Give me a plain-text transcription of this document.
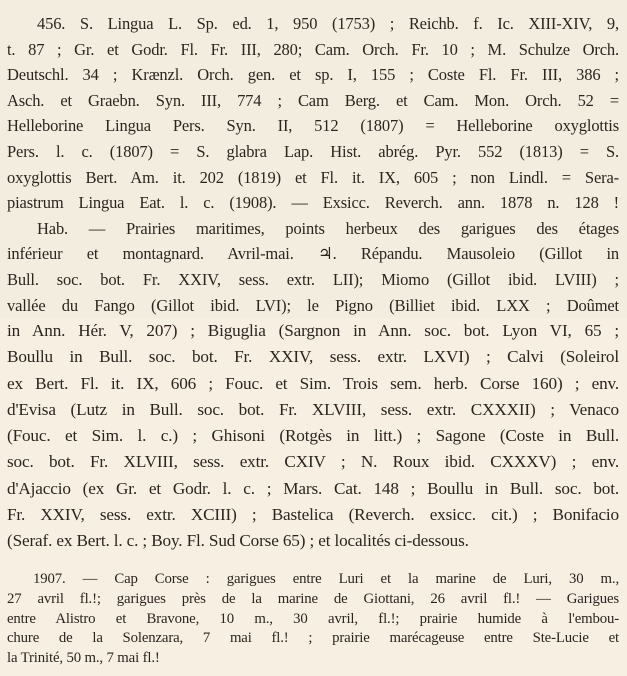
456. S. Lingua L. Sp. ed. 1, 950 (1753) ; Reichb. f. Ic. XIII-XIV, 9,
t. 87 ; Gr. et Godr. Fl. Fr. III, 280; Cam. Orch. Fr. 10 ; M. Schulze Orch.
Deutschl. 34 ; Krænzl. Orch. gen. et sp. I, 155 ; Coste Fl. Fr. III, 386 ;
Asch. et Graebn. Syn. III, 774 ; Cam Berg. et Cam. Mon. Orch. 52 =
Helleborine Lingua Pers. Syn. II, 512 (1807) = Helleborine oxyglottis
Pers. l. c. (1807) = S. glabra Lap. Hist. abrég. Pyr. 552 (1813) = S.
oxyglottis Bert. Am. it. 202 (1819) et Fl. it. IX, 605 ; non Lindl. = Sera-
piastrum Lingua Eat. l. c. (1908). — Exsicc. Reverch. ann. 1878 n. 128 !
Hab. — Prairies maritimes, points herbeux des garigues des étages
inférieur et montagnard. Avril-mai. ♃. Répandu. Mausoleio (Gillot in
Bull. soc. bot. Fr. XXIV, sess. extr. LII); Miomo (Gillot ibid. LVIII) ;
vallée du Fango (Gillot ibid. LVI); le Pigno (Billiet ibid. LXX ; Doûmet
in Ann. Hér. V, 207) ; Biguglia (Sargnon in Ann. soc. bot. Lyon VI, 65 ;
Boullu in Bull. soc. bot. Fr. XXIV, sess. extr. LXVI) ; Calvi (Soleirol
ex Bert. Fl. it. IX, 606 ; Fouc. et Sim. Trois sem. herb. Corse 160) ; env.
d'Evisa (Lutz in Bull. soc. bot. Fr. XLVIII, sess. extr. CXXXII) ; Venaco
(Fouc. et Sim. l. c.) ; Ghisoni (Rotgès in litt.) ; Sagone (Coste in Bull.
soc. bot. Fr. XLVIII, sess. extr. CXIV ; N. Roux ibid. CXXXV) ; env.
d'Ajaccio (ex Gr. et Godr. l. c. ; Mars. Cat. 148 ; Boullu in Bull. soc. bot.
Fr. XXIV, sess. extr. XCIII) ; Bastelica (Reverch. exsicc. cit.) ; Bonifacio
(Seraf. ex Bert. l. c. ; Boy. Fl. Sud Corse 65) ; et localités ci-dessous.
1907. — Cap Corse : garigues entre Luri et la marine de Luri, 30 m.,
27 avril fl.!; garigues près de la marine de Giottani, 26 avril fl.! — Garigues
entre Alistro et Bravone, 10 m., 30 avril, fl.!; prairie humide à l'embou-
chure de la Solenzara, 7 mai fl.! ; prairie marécageuse entre Ste-Lucie et
la Trinité, 50 m., 7 mai fl.!
